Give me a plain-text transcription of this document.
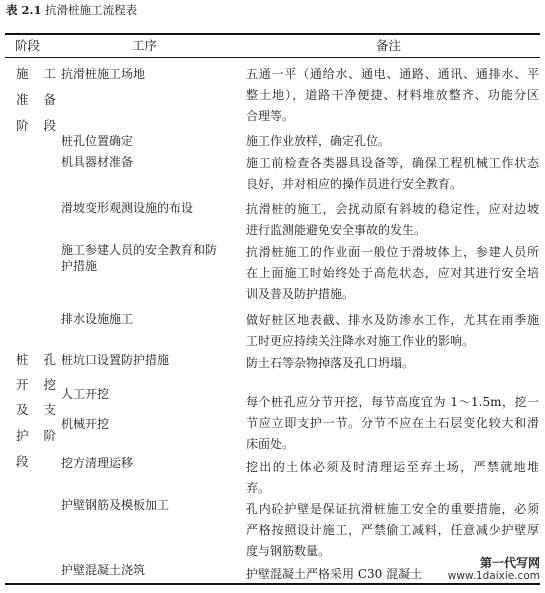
表 2.1 抗滑桩施工流程表
阶段	工序	备注
施 工
准 备
阶 段
桩 孔
开 挖
及 支
护 阶
段
抗滑桩施工场地
桩孔位置确定
机具器材准备
滑坡变形观测设施的布设
施工参建人员的安全教育和防
护措施
排水设施施工
桩坑口设置防护措施
人工开挖
机械开挖
挖方清理运移
护壁钢筋及模板加工
护壁混凝土浇筑
五通一平（通给水、通电、通路、通讯、通排水、平
整土地），道路干净便捷、材料堆放整齐、功能分区
合理等。
施工作业放样，确定孔位。
施工前检查各类器具设备等，确保工程机械工作状态
良好，并对相应的操作员进行安全教育。
抗滑桩的施工，会扰动原有斜坡的稳定性，应对边坡
进行监测能避免安全事故的发生。
抗滑桩施工的作业面一般位于滑坡体上，参建人员所
在上面施工时始终处于高危状态，应对其进行安全培
训及普及防护措施。
做好桩区地表截、排水及防渗水工作，尤其在雨季施
工时更应持续关注降水对施工作业的影响。
防土石等杂物掉落及孔口坍塌。
每个桩孔应分节开挖，每节高度宜为 1～1.5m，挖一
节应立即支护一节。分节不应在土石层变化较大和滑
床面处。
挖出的土体必须及时清理运至弃土场，严禁就地堆
弃。
孔内砼护壁是保证抗滑桩施工安全的重要措施，必须
严格按照设计施工，严禁偷工减料，任意减少护壁厚
度与钢筋数量。
护壁混凝土严格采用 C30 混凝土
第一代写网
www.1daixie.com
